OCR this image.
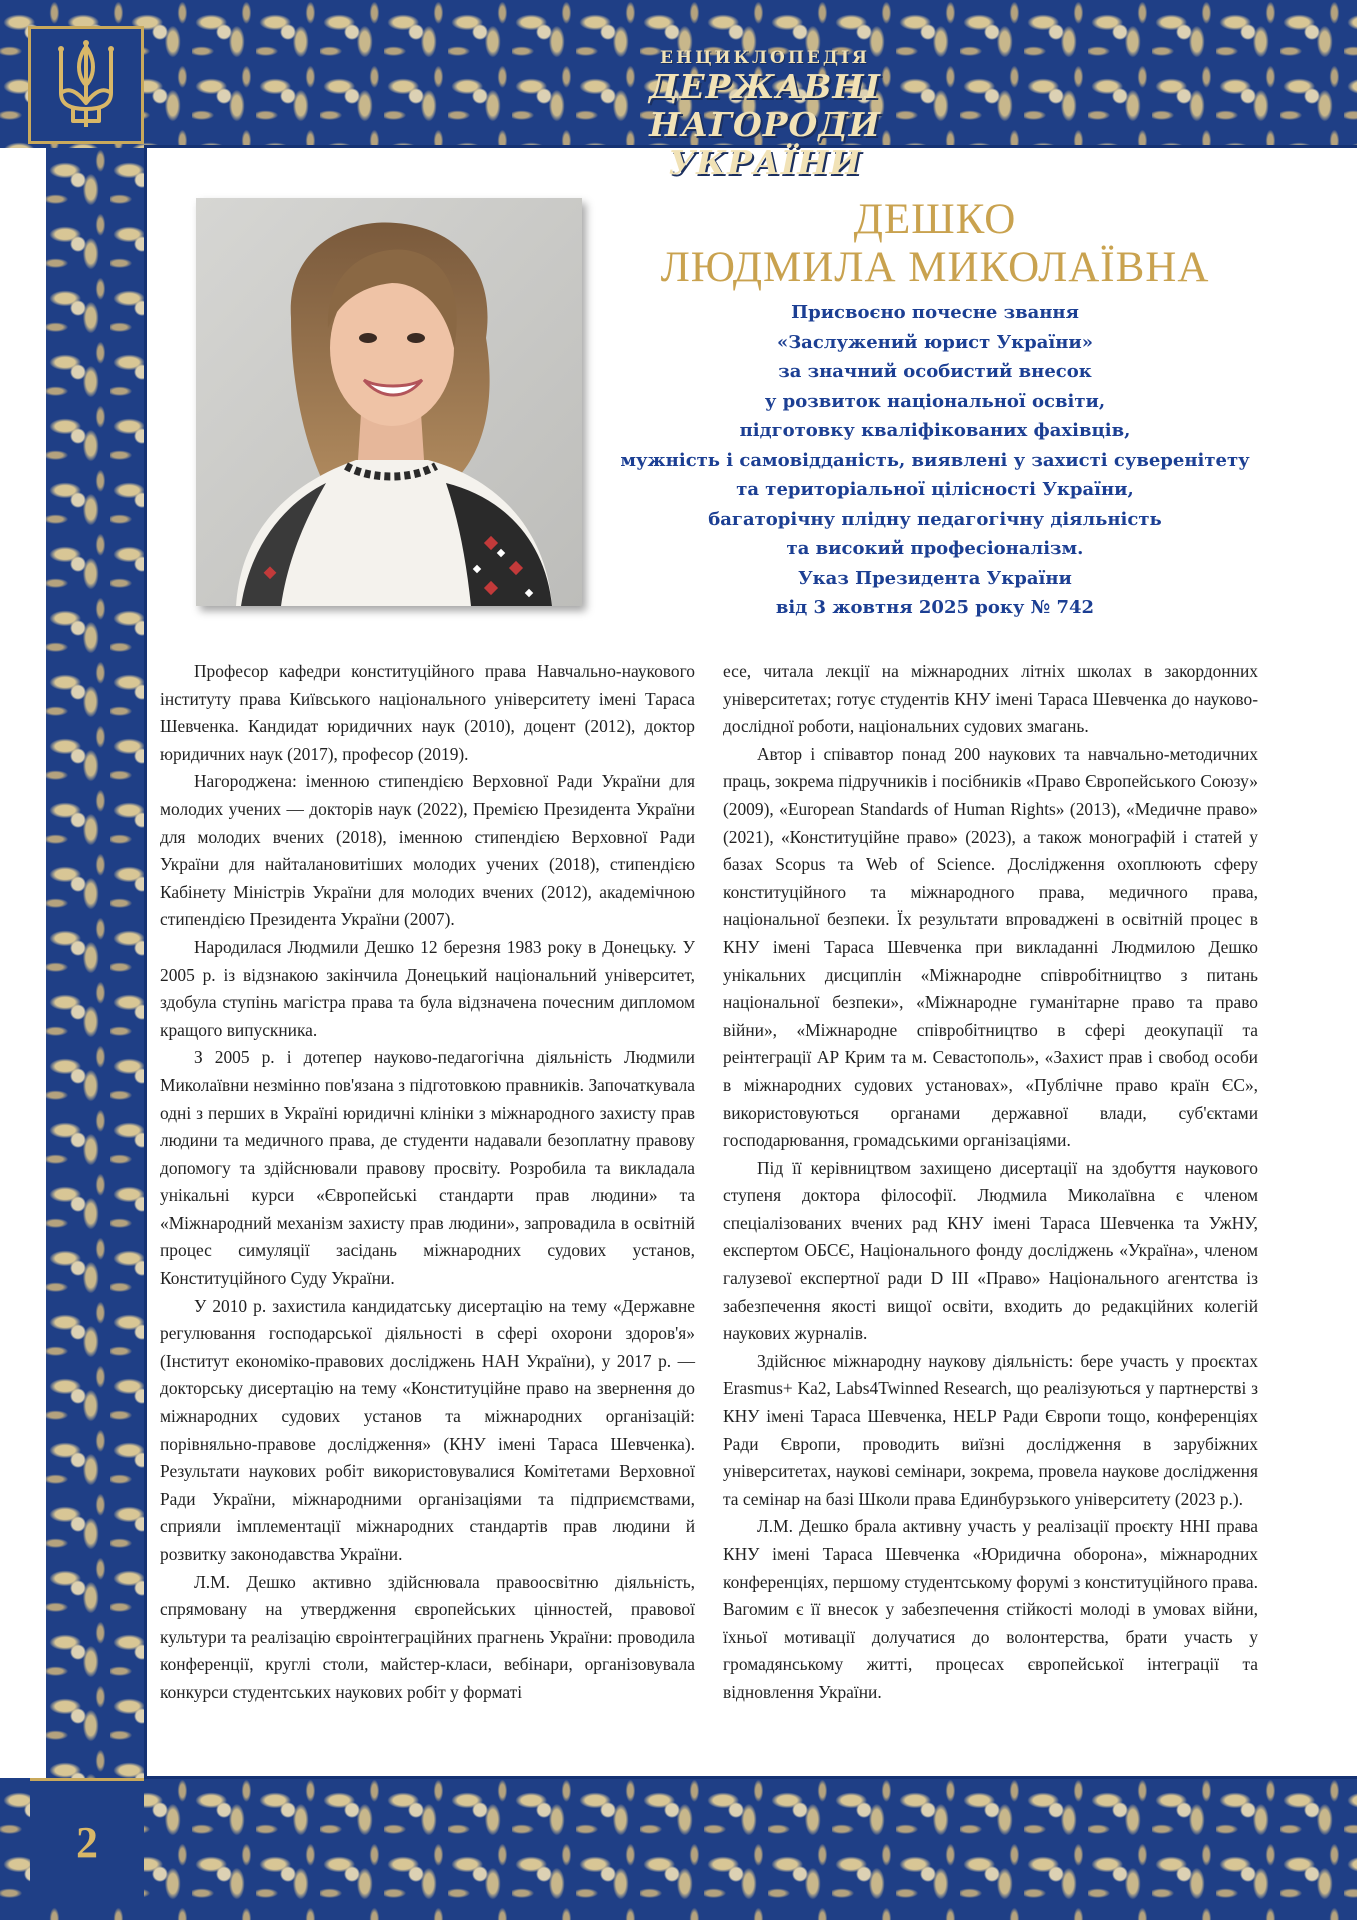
ЕНЦИКЛОПЕДІЯ
ДЕРЖАВНІ НАГОРОДИ
УКРАЇНИ
ДЕШКО
ЛЮДМИЛА МИКОЛАЇВНА
Присвоєно почесне звання
«Заслужений юрист України»
за значний особистий внесок
у розвиток національної освіти,
підготовку кваліфікованих фахівців,
мужність і самовідданість, виявлені у захисті суверенітету
та територіальної цілісності України,
багаторічну плідну педагогічну діяльність
та високий професіоналізм.
Указ Президента України
від 3 жовтня 2025 року № 742

Професор кафедри конституційного права Навчально-наукового інституту права Київського національного університету імені Тараса Шевченка. Кандидат юридичних наук (2010), доцент (2012), доктор юридичних наук (2017), професор (2019).

Нагороджена: іменною стипендією Верховної Ради України для молодих учених — докторів наук (2022), Премією Президента України для молодих вчених (2018), іменною стипендією Верховної Ради України для найталановитіших молодих учених (2018), стипендією Кабінету Міністрів України для молодих вчених (2012), академічною стипендією Президента України (2007).

Народилася Людмили Дешко 12 березня 1983 року в Донецьку. У 2005 р. із відзнакою закінчила Донецький національний університет, здобула ступінь магістра права та була відзначена почесним дипломом кращого випускника.

З 2005 р. і дотепер науково-педагогічна діяльність Людмили Миколаївни незмінно пов'язана з підготовкою правників. Започаткувала одні з перших в Україні юридичні клініки з міжнародного захисту прав людини та медичного права, де студенти надавали безоплатну правову допомогу та здійснювали правову просвіту. Розробила та викладала унікальні курси «Європейські стандарти прав людини» та «Міжнародний механізм захисту прав людини», запровадила в освітній процес симуляції засідань міжнародних судових установ, Конституційного Суду України.

У 2010 р. захистила кандидатську дисертацію на тему «Державне регулювання господарської діяльності в сфері охорони здоров'я» (Інститут економіко-правових досліджень НАН України), у 2017 р. — докторську дисертацію на тему «Конституційне право на звернення до міжнародних судових установ та міжнародних організацій: порівняльно-правове дослідження» (КНУ імені Тараса Шевченка). Результати наукових робіт використовувалися Комітетами Верховної Ради України, міжнародними організаціями та підприємствами, сприяли імплементації міжнародних стандартів прав людини й розвитку законодавства України.

Л.М. Дешко активно здійснювала правоосвітню діяльність, спрямовану на утвердження європейських цінностей, правової культури та реалізацію євроінтеграційних прагнень України: проводила конференції, круглі столи, майстер-класи, вебінари, організовувала конкурси студентських наукових робіт у форматі

есе, читала лекції на міжнародних літніх школах в закордонних університетах; готує студентів КНУ імені Тараса Шевченка до науково-дослідної роботи, національних судових змагань.

Автор і співавтор понад 200 наукових та навчально-методичних праць, зокрема підручників і посібників «Право Європейського Союзу» (2009), «European Standards of Human Rights» (2013), «Медичне право» (2021), «Конституційне право» (2023), а також монографій і статей у базах Scopus та Web of Science. Дослідження охоплюють сферу конституційного та міжнародного права, медичного права, національної безпеки. Їх результати впроваджені в освітній процес в КНУ імені Тараса Шевченка при викладанні Людмилою Дешко унікальних дисциплін «Міжнародне співробітництво з питань національної безпеки», «Міжнародне гуманітарне право та право війни», «Міжнародне співробітництво в сфері деокупації та реінтеграції АР Крим та м. Севастополь», «Захист прав і свобод особи в міжнародних судових установах», «Публічне право країн ЄС», використовуються органами державної влади, суб'єктами господарювання, громадськими організаціями.

Під її керівництвом захищено дисертації на здобуття наукового ступеня доктора філософії. Людмила Миколаївна є членом спеціалізованих вчених рад КНУ імені Тараса Шевченка та УжНУ, експертом ОБСЄ, Національного фонду досліджень «Україна», членом галузевої експертної ради D III «Право» Національного агентства із забезпечення якості вищої освіти, входить до редакційних колегій наукових журналів.

Здійснює міжнародну наукову діяльність: бере участь у проєктах Erasmus+ Ka2, Labs4Twinned Research, що реалізуються у партнерстві з КНУ імені Тараса Шевченка, HELP Ради Європи тощо, конференціях Ради Європи, проводить виїзні дослідження в зарубіжних університетах, наукові семінари, зокрема, провела наукове дослідження та семінар на базі Школи права Единбурзького університету (2023 р.).

Л.М. Дешко брала активну участь у реалізації проєкту ННІ права КНУ імені Тараса Шевченка «Юридична оборона», міжнародних конференціях, першому студентському форумі з конституційного права. Вагомим є її внесок у забезпечення стійкості молоді в умовах війни, їхньої мотивації долучатися до волонтерства, брати участь у громадянському житті, процесах європейської інтеграції та відновлення України.

2
